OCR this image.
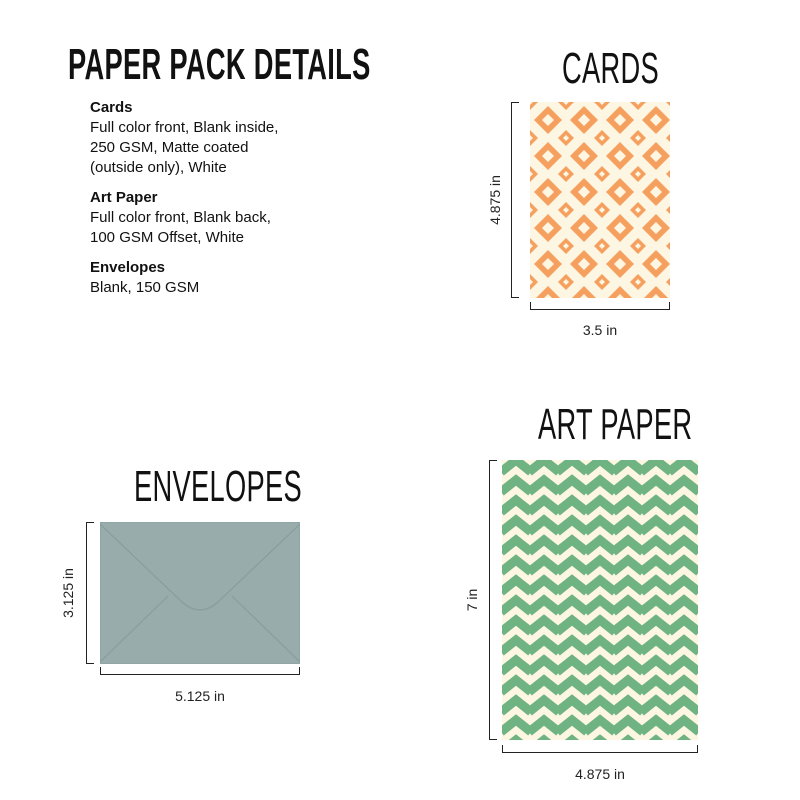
PAPER PACK DETAILS

Cards

Full color front, Blank inside,

250 GSM, Matte coated

(outside only), White

Art Paper

Full color front, Blank back,

100 GSM Offset, White

Envelopes

Blank, 150 GSM

CARDS
4.875 in
3.5 in
ART PAPER
7 in
4.875 in
ENVELOPES
3.125 in
5.125 in
